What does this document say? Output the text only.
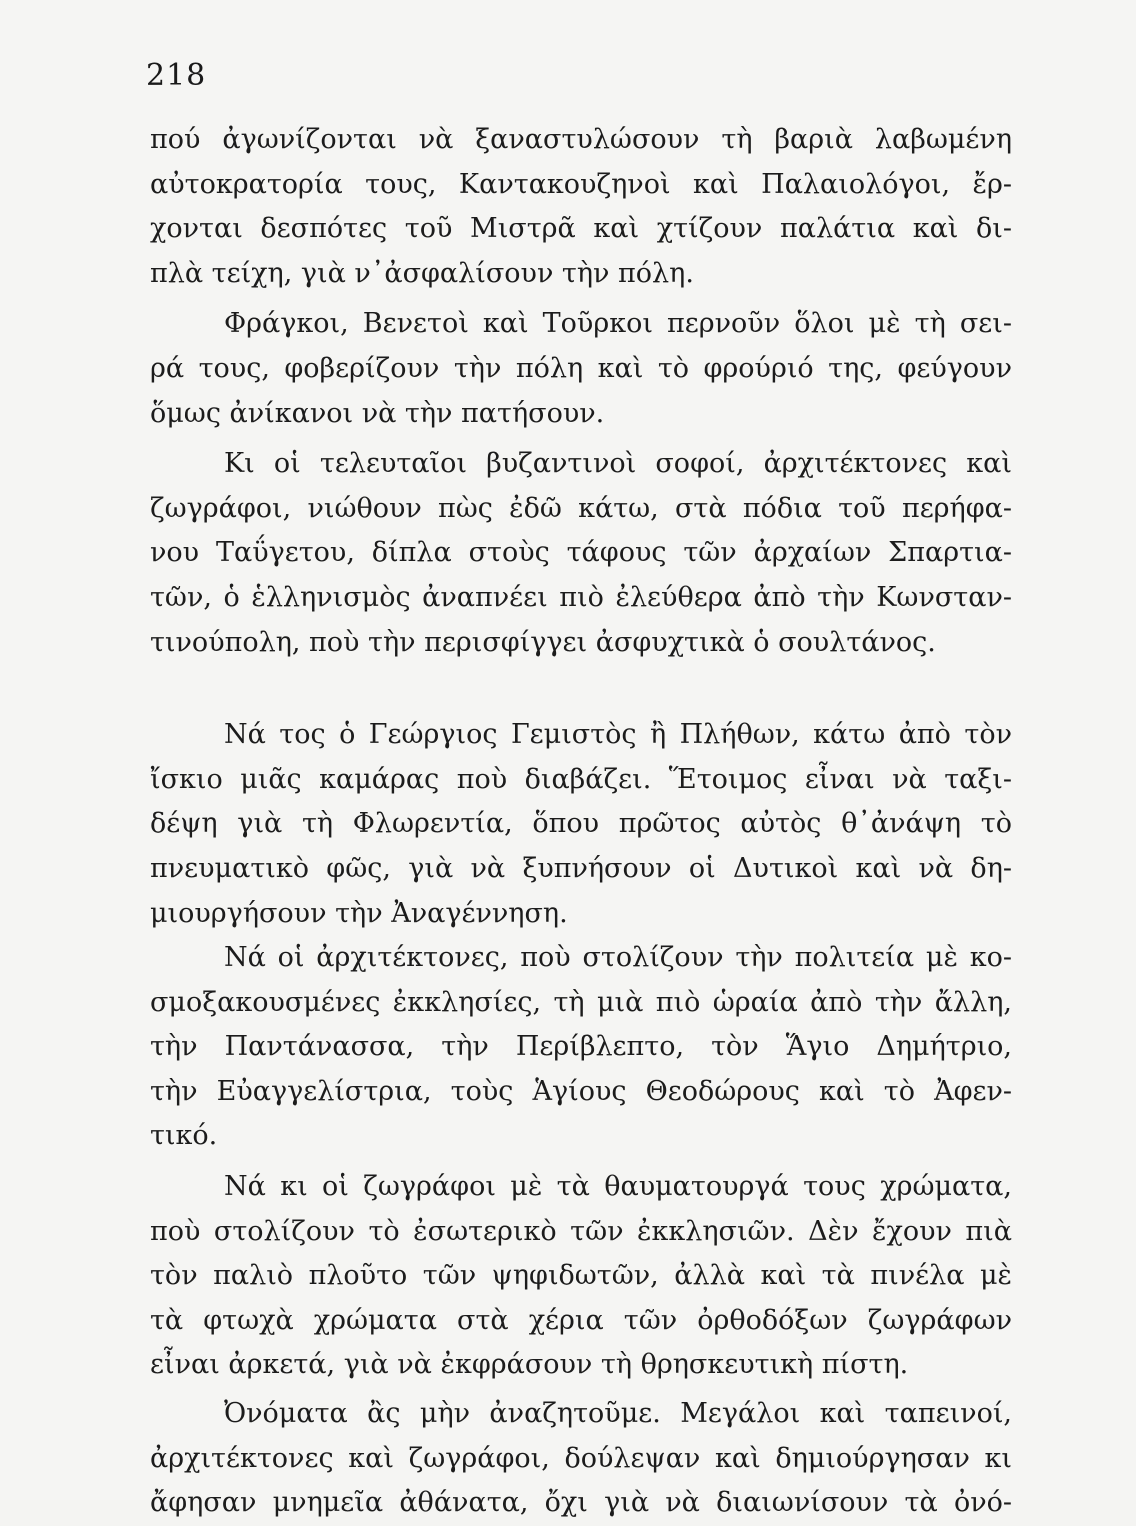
218
πού ἀγωνίζονται νὰ ξαναστυλώσουν τὴ βαριὰ λαβωμένη
αὐτοκρατορία τους, Καντακουζηνοὶ καὶ Παλαιολόγοι, ἔρ-
χονται δεσπότες τοῦ Μιστρᾶ καὶ χτίζουν παλάτια καὶ δι-
πλὰ τείχη, γιὰ ν᾽ἀσφαλίσουν τὴν πόλη.
Φράγκοι, Βενετοὶ καὶ Τοῦρκοι περνοῦν ὅλοι μὲ τὴ σει-
ρά τους, φοβερίζουν τὴν πόλη καὶ τὸ φρούριό της, φεύγουν
ὅμως ἀνίκανοι νὰ τὴν πατήσουν.
Κι οἱ τελευταῖοι βυζαντινοὶ σοφοί, ἀρχιτέκτονες καὶ
ζωγράφοι, νιώθουν πὼς ἐδῶ κάτω, στὰ πόδια τοῦ περήφα-
νου Ταΰγετου, δίπλα στοὺς τάφους τῶν ἀρχαίων Σπαρτια-
τῶν, ὁ ἑλληνισμὸς ἀναπνέει πιὸ ἐλεύθερα ἀπὸ τὴν Κωνσταν-
τινούπολη, ποὺ τὴν περισφίγγει ἀσφυχτικὰ ὁ σουλτάνος.
Νά τος ὁ Γεώργιος Γεμιστὸς ἢ Πλήθων, κάτω ἀπὸ τὸν
ἴσκιο μιᾶς καμάρας ποὺ διαβάζει. Ἕτοιμος εἶναι νὰ ταξι-
δέψη γιὰ τὴ Φλωρεντία, ὅπου πρῶτος αὐτὸς θ᾽ἀνάψη τὸ
πνευματικὸ φῶς, γιὰ νὰ ξυπνήσουν οἱ Δυτικοὶ καὶ νὰ δη-
μιουργήσουν τὴν Ἀναγέννηση.
Νά οἱ ἀρχιτέκτονες, ποὺ στολίζουν τὴν πολιτεία μὲ κο-
σμοξακουσμένες ἐκκλησίες, τὴ μιὰ πιὸ ὡραία ἀπὸ τὴν ἄλλη,
τὴν Παντάνασσα, τὴν Περίβλεπτο, τὸν Ἅγιο Δημήτριο,
τὴν Εὐαγγελίστρια, τοὺς Ἁγίους Θεοδώρους καὶ τὸ Ἀφεν-
τικό.
Νά κι οἱ ζωγράφοι μὲ τὰ θαυματουργά τους χρώματα,
ποὺ στολίζουν τὸ ἐσωτερικὸ τῶν ἐκκλησιῶν. Δὲν ἔχουν πιὰ
τὸν παλιὸ πλοῦτο τῶν ψηφιδωτῶν, ἀλλὰ καὶ τὰ πινέλα μὲ
τὰ φτωχὰ χρώματα στὰ χέρια τῶν ὀρθοδόξων ζωγράφων
εἶναι ἀρκετά, γιὰ νὰ ἐκφράσουν τὴ θρησκευτικὴ πίστη.
Ὀνόματα ἂς μὴν ἀναζητοῦμε. Μεγάλοι καὶ ταπεινοί,
ἀρχιτέκτονες καὶ ζωγράφοι, δούλεψαν καὶ δημιούργησαν κι
ἄφησαν μνημεῖα ἀθάνατα, ὄχι γιὰ νὰ διαιωνίσουν τὰ ὀνό-
